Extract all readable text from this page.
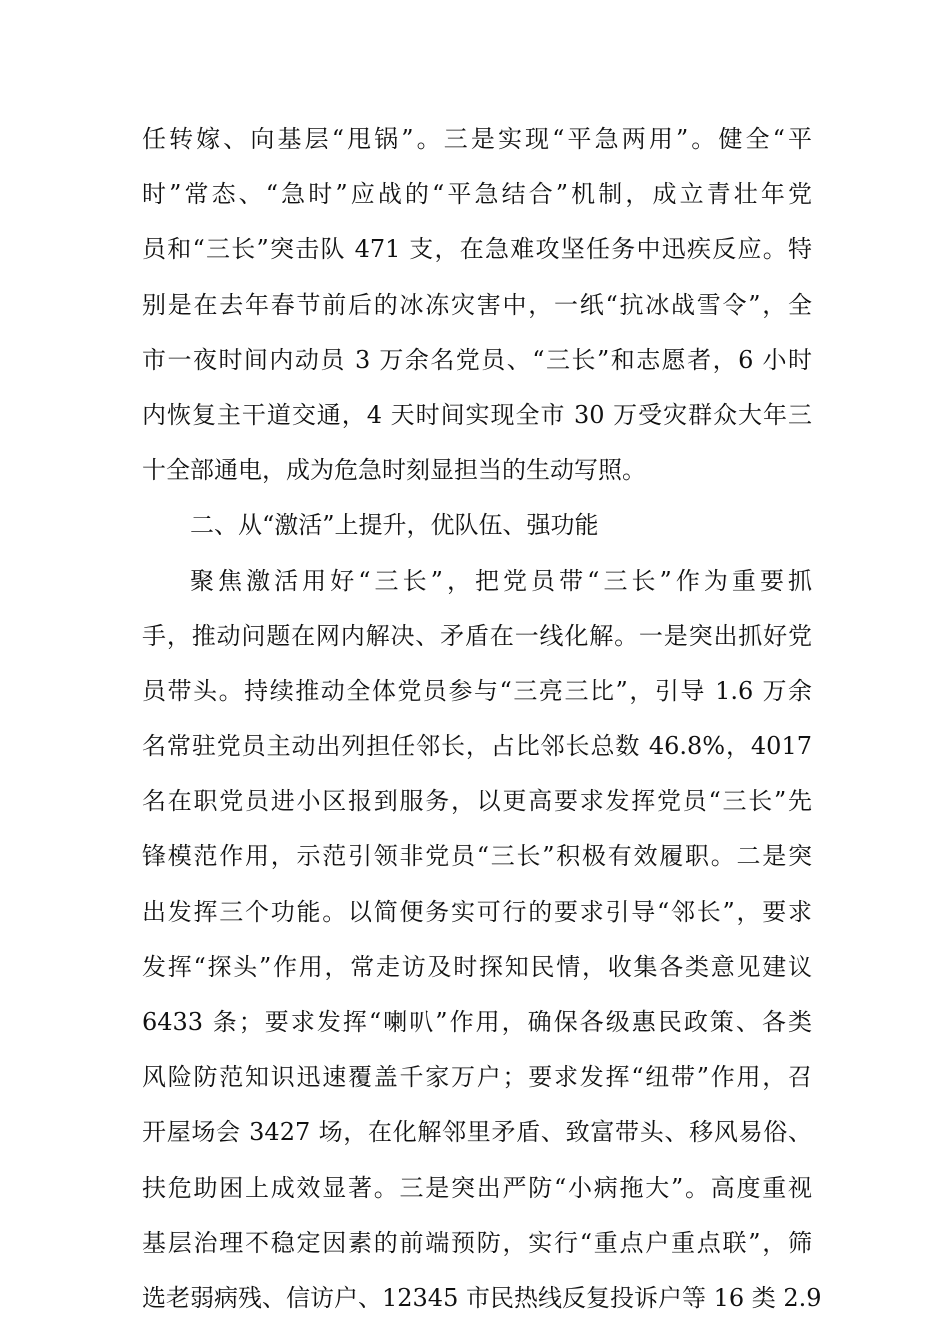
任转嫁、向基层“甩锅”。三是实现“平急两用”。健全“平
时”常态、“急时”应战的“平急结合”机制，成立青壮年党
员和“三长”突击队 471 支，在急难攻坚任务中迅疾反应。特
别是在去年春节前后的冰冻灾害中，一纸“抗冰战雪令”，全
市一夜时间内动员 3 万余名党员、“三长”和志愿者，6 小时
内恢复主干道交通，4 天时间实现全市 30 万受灾群众大年三
十全部通电，成为危急时刻显担当的生动写照。
二、从“激活”上提升，优队伍、强功能
聚焦激活用好“三长”，把党员带“三长”作为重要抓
手，推动问题在网内解决、矛盾在一线化解。一是突出抓好党
员带头。持续推动全体党员参与“三亮三比”，引导 1.6 万余
名常驻党员主动出列担任邻长，占比邻长总数 46.8%，4017
名在职党员进小区报到服务，以更高要求发挥党员“三长”先
锋模范作用，示范引领非党员“三长”积极有效履职。二是突
出发挥三个功能。以简便务实可行的要求引导“邻长”，要求
发挥“探头”作用，常走访及时探知民情，收集各类意见建议
6433 条；要求发挥“喇叭”作用，确保各级惠民政策、各类
风险防范知识迅速覆盖千家万户；要求发挥“纽带”作用，召
开屋场会 3427 场，在化解邻里矛盾、致富带头、移风易俗、
扶危助困上成效显著。三是突出严防“小病拖大”。高度重视
基层治理不稳定因素的前端预防，实行“重点户重点联”，筛
选老弱病残、信访户、12345 市民热线反复投诉户等 16 类 2.9
